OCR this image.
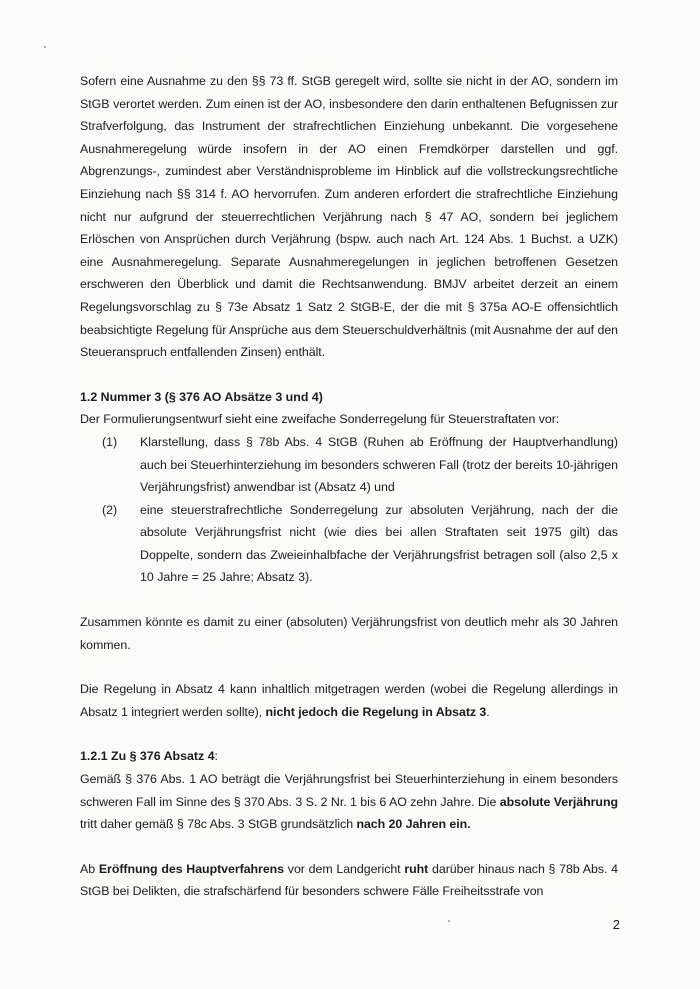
Sofern eine Ausnahme zu den §§ 73 ff. StGB geregelt wird, sollte sie nicht in der AO, sondern im StGB verortet werden. Zum einen ist der AO, insbesondere den darin enthaltenen Befugnissen zur Strafverfolgung, das Instrument der strafrechtlichen Einziehung unbekannt. Die vorgesehene Ausnahmeregelung würde insofern in der AO einen Fremdkörper darstellen und ggf. Abgrenzungs-, zumindest aber Verständnisprobleme im Hinblick auf die vollstreckungsrechtliche Einziehung nach §§ 314 f. AO hervorrufen. Zum anderen erfordert die strafrechtliche Einziehung nicht nur aufgrund der steuerrechtlichen Verjährung nach § 47 AO, sondern bei jeglichem Erlöschen von Ansprüchen durch Verjährung (bspw. auch nach Art. 124 Abs. 1 Buchst. a UZK) eine Ausnahmeregelung. Separate Ausnahmeregelungen in jeglichen betroffenen Gesetzen erschweren den Überblick und damit die Rechtsanwendung. BMJV arbeitet derzeit an einem Regelungsvorschlag zu § 73e Absatz 1 Satz 2 StGB-E, der die mit § 375a AO-E offensichtlich beabsichtigte Regelung für Ansprüche aus dem Steuerschuldverhältnis (mit Ausnahme der auf den Steueranspruch entfallenden Zinsen) enthält.

1.2 Nummer 3 (§ 376 AO Absätze 3 und 4)

Der Formulierungsentwurf sieht eine zweifache Sonderregelung für Steuerstraftaten vor:

(1) Klarstellung, dass § 78b Abs. 4 StGB (Ruhen ab Eröffnung der Hauptverhandlung) auch bei Steuerhinterziehung im besonders schweren Fall (trotz der bereits 10-jährigen Verjährungsfrist) anwendbar ist (Absatz 4) und
(2) eine steuerstrafrechtliche Sonderregelung zur absoluten Verjährung, nach der die absolute Verjährungsfrist nicht (wie dies bei allen Straftaten seit 1975 gilt) das Doppelte, sondern das Zweieinhalbfache der Verjährungsfrist betragen soll (also 2,5 x 10 Jahre = 25 Jahre; Absatz 3).

Zusammen könnte es damit zu einer (absoluten) Verjährungsfrist von deutlich mehr als 30 Jahren kommen.

Die Regelung in Absatz 4 kann inhaltlich mitgetragen werden (wobei die Regelung allerdings in Absatz 1 integriert werden sollte), nicht jedoch die Regelung in Absatz 3.

1.2.1 Zu § 376 Absatz 4:

Gemäß § 376 Abs. 1 AO beträgt die Verjährungsfrist bei Steuerhinterziehung in einem besonders schweren Fall im Sinne des § 370 Abs. 3 S. 2 Nr. 1 bis 6 AO zehn Jahre. Die absolute Verjährung tritt daher gemäß § 78c Abs. 3 StGB grundsätzlich nach 20 Jahren ein.

Ab Eröffnung des Hauptverfahrens vor dem Landgericht ruht darüber hinaus nach § 78b Abs. 4 StGB bei Delikten, die strafschärfend für besonders schwere Fälle Freiheitsstrafe von

2
